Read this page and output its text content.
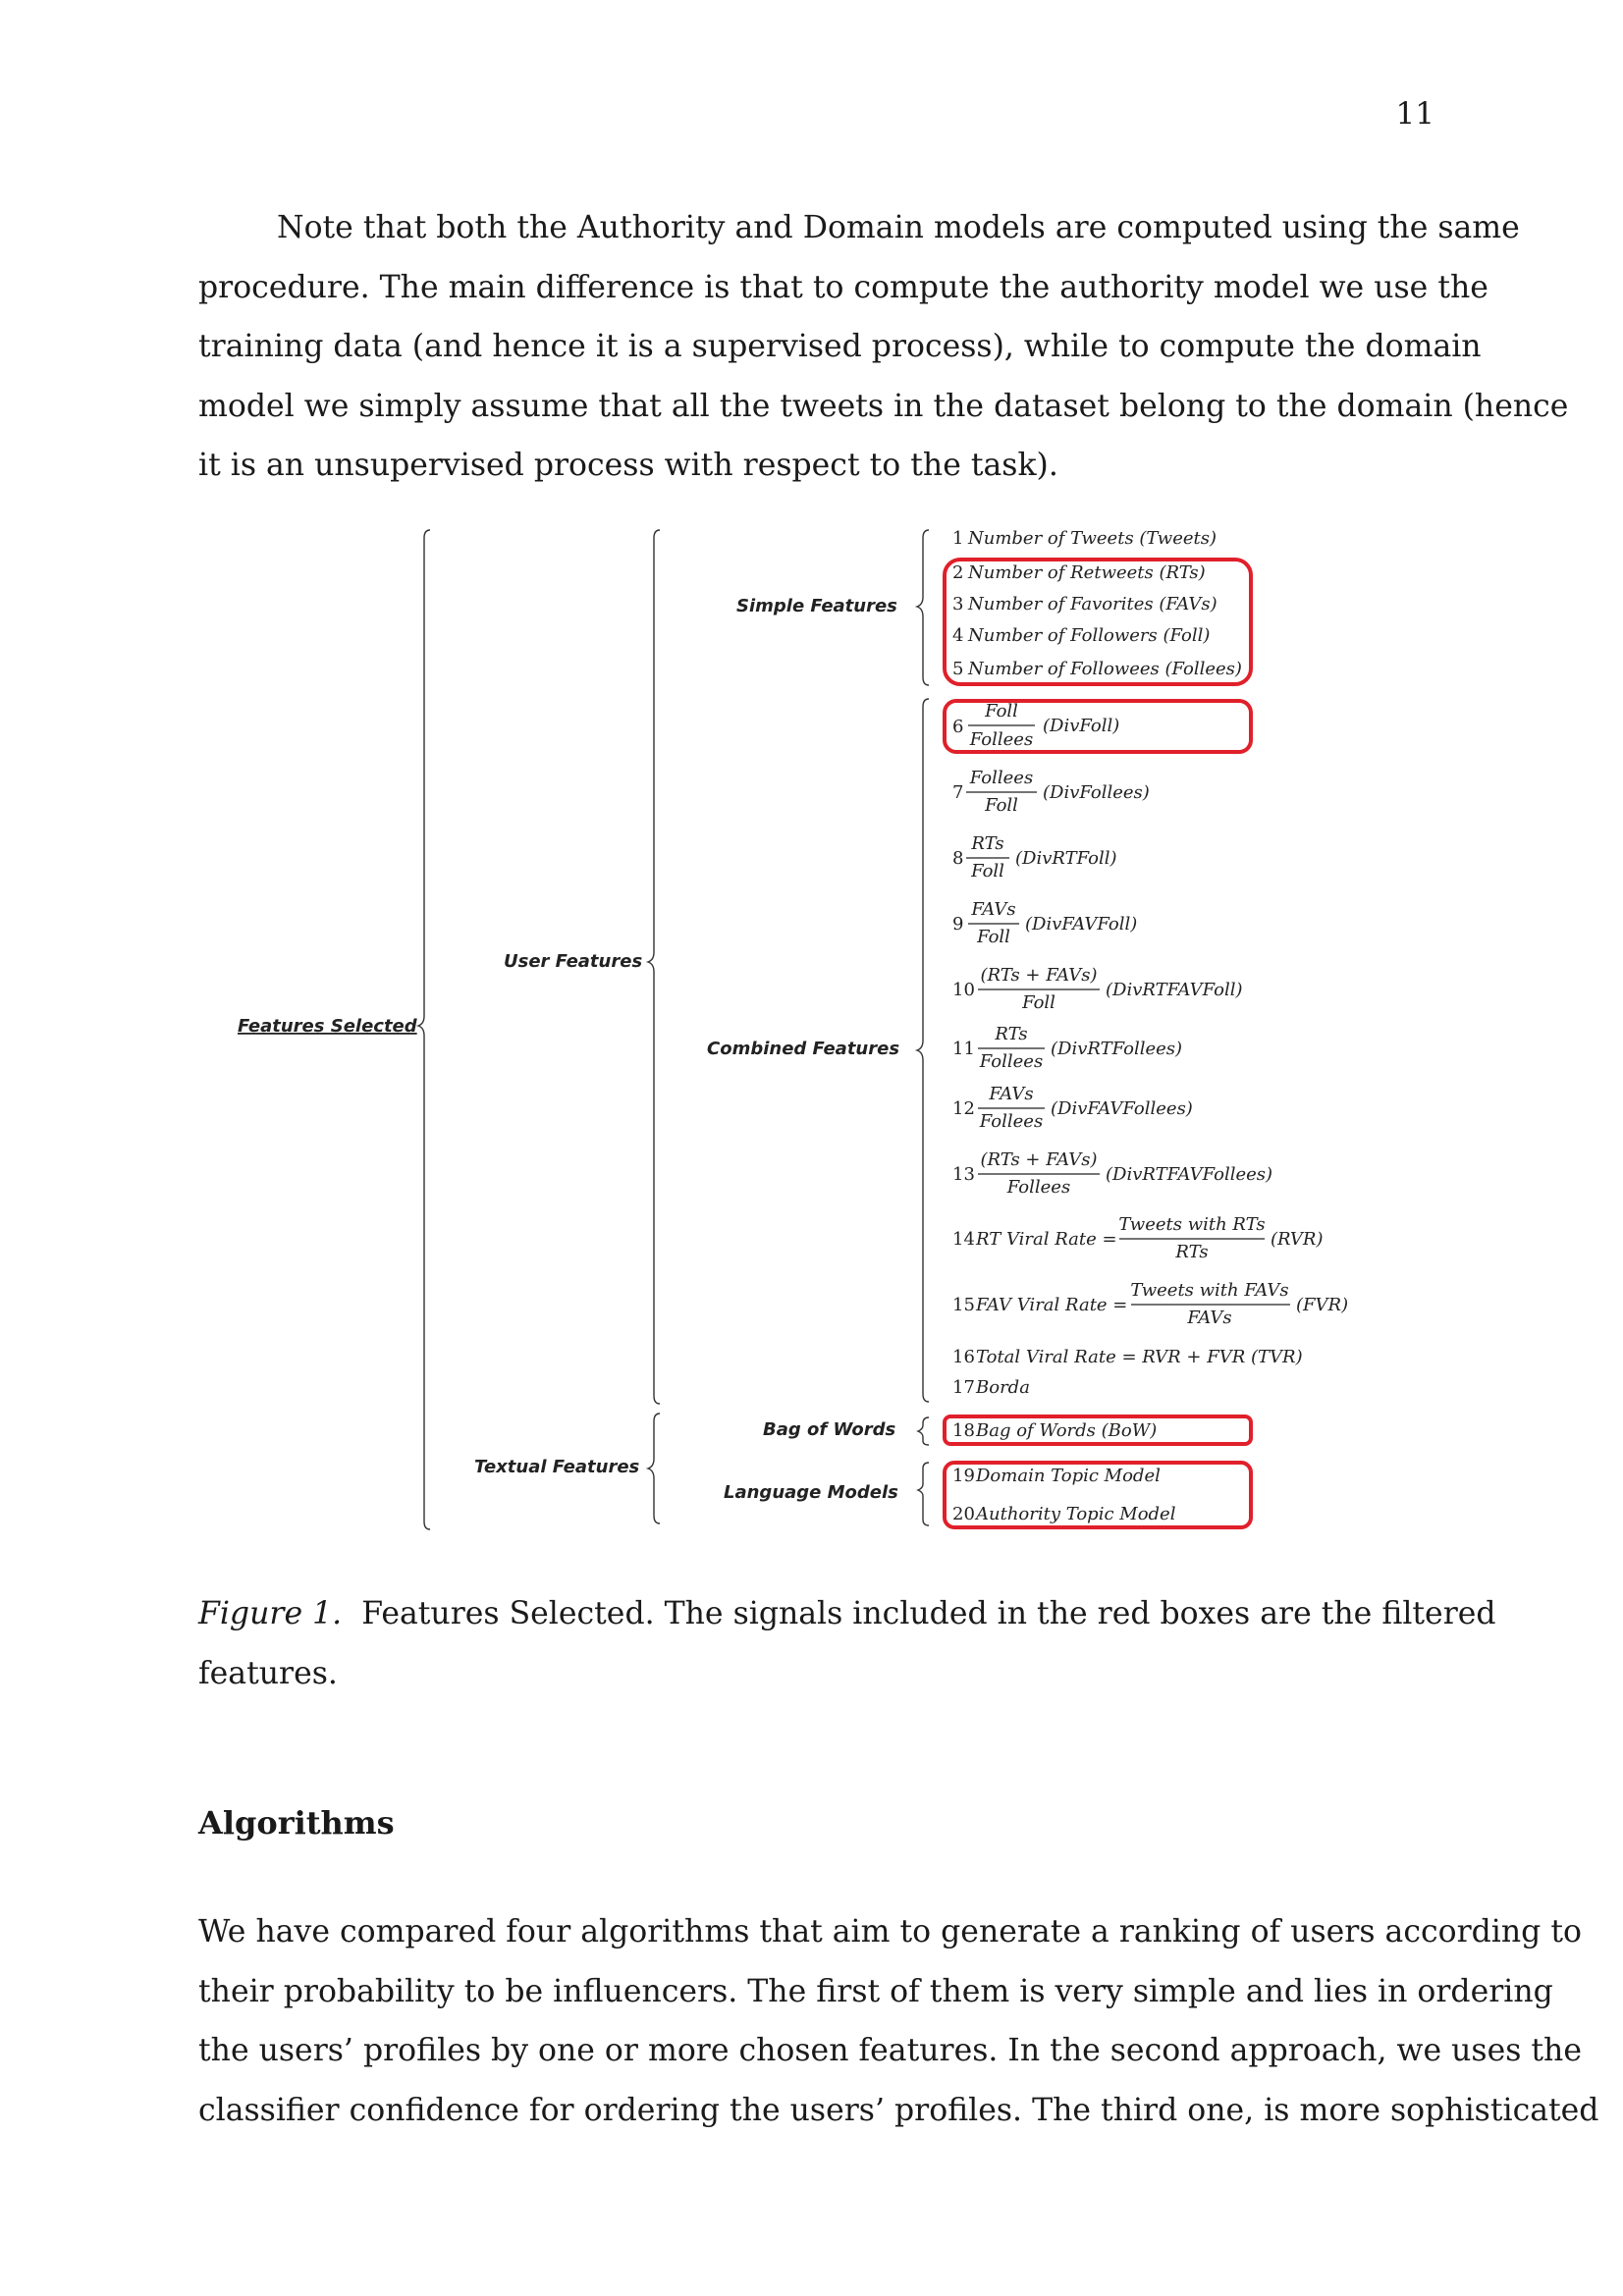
11
Note that both the Authority and Domain models are computed using the same
procedure. The main difference is that to compute the authority model we use the
training data (and hence it is a supervised process), while to compute the domain
model we simply assume that all the tweets in the dataset belong to the domain (hence
it is an unsupervised process with respect to the task).
Features Selected
User Features
Textual Features
Simple Features
Combined Features
Bag of Words
Language Models
1 Number of Tweets (Tweets)
2 Number of Retweets (RTs)
3 Number of Favorites (FAVs)
4 Number of Followers (Foll)
5 Number of Followees (Follees)
6
Foll
Follees
(DivFoll)
7
Follees
Foll
(DivFollees)
8
RTs
Foll
(DivRTFoll)
9
FAVs
Foll
(DivFAVFoll)
10
(RTs + FAVs)
Foll
(DivRTFAVFoll)
11
RTs
Follees
(DivRTFollees)
12
FAVs
Follees
(DivFAVFollees)
13
(RTs + FAVs)
Follees
(DivRTFAVFollees)
14 RT Viral Rate =
Tweets with RTs
RTs
(RVR)
15 FAV Viral Rate =
Tweets with FAVs
FAVs
(FVR)
16 Total Viral Rate = RVR + FVR (TVR)
17 Borda
18 Bag of Words (BoW)
19 Domain Topic Model
20 Authority Topic Model
Figure 1. Features Selected. The signals included in the red boxes are the filtered
features.
Algorithms
We have compared four algorithms that aim to generate a ranking of users according to
their probability to be influencers. The first of them is very simple and lies in ordering
the users’ profiles by one or more chosen features. In the second approach, we uses the
classifier confidence for ordering the users’ profiles. The third one, is more sophisticated
